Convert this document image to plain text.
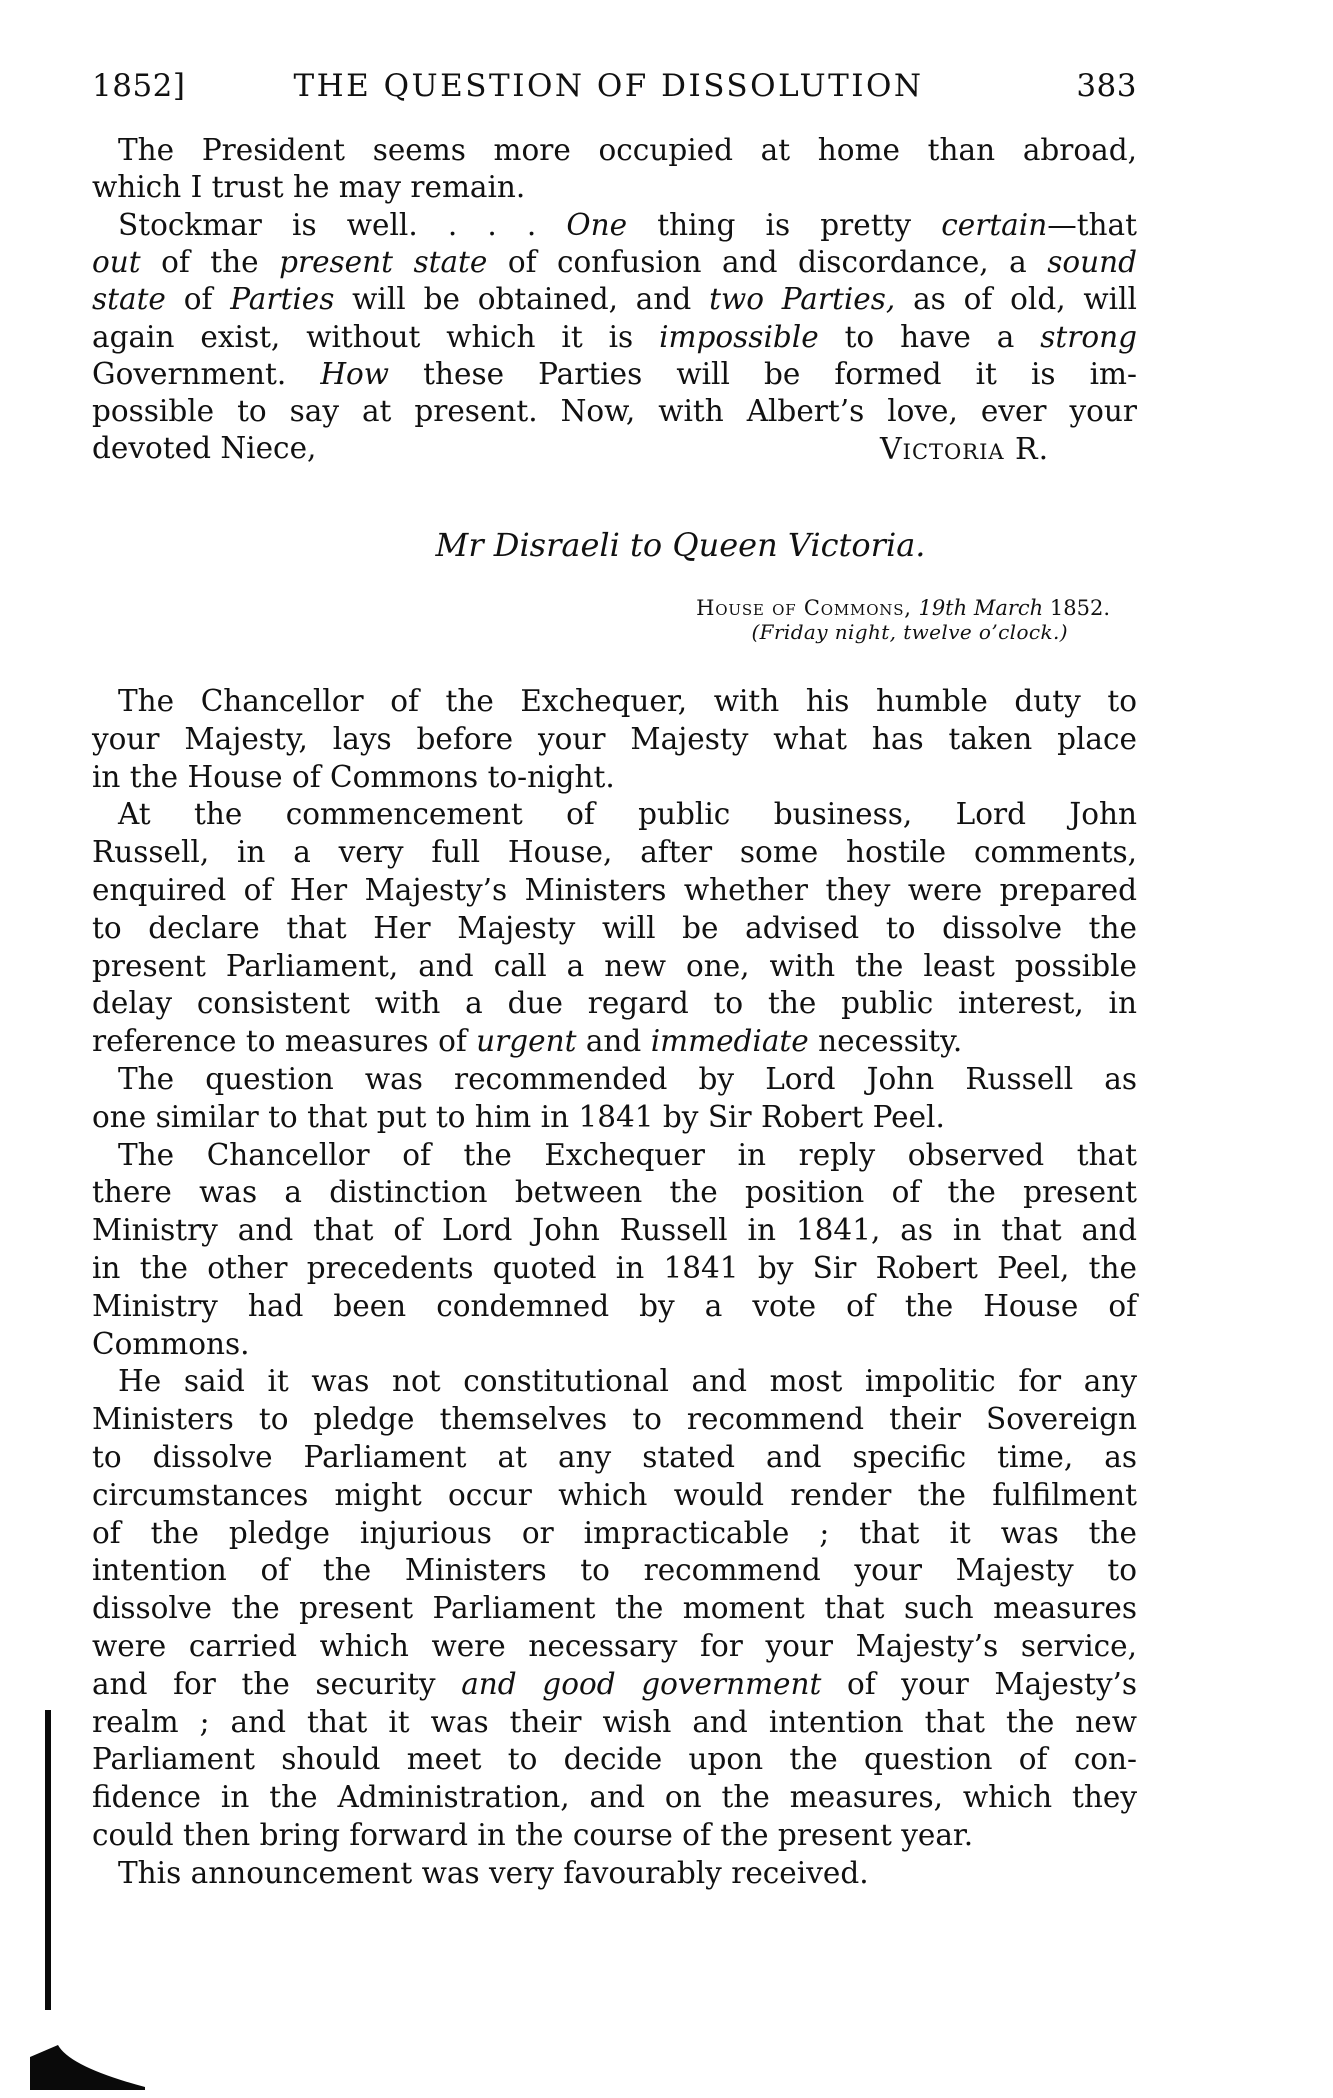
1852]	THE QUESTION OF DISSOLUTION	383
The President seems more occupied at home than abroad,
which I trust he may remain.
Stockmar is well. . . . One thing is pretty certain—that
out of the present state of confusion and discordance, a sound
state of Parties will be obtained, and two Parties, as of old, will
again exist, without which it is impossible to have a strong
Government. How these Parties will be formed it is im-
possible to say at present. Now, with Albert’s love, ever your
devoted Niece,	Victoria R.
Mr Disraeli to Queen Victoria.
House of Commons, 19th March 1852.
(Friday night, twelve o’clock.)
The Chancellor of the Exchequer, with his humble duty to
your Majesty, lays before your Majesty what has taken place
in the House of Commons to-night.
At the commencement of public business, Lord John
Russell, in a very full House, after some hostile comments,
enquired of Her Majesty’s Ministers whether they were prepared
to declare that Her Majesty will be advised to dissolve the
present Parliament, and call a new one, with the least possible
delay consistent with a due regard to the public interest, in
reference to measures of urgent and immediate necessity.
The question was recommended by Lord John Russell as
one similar to that put to him in 1841 by Sir Robert Peel.
The Chancellor of the Exchequer in reply observed that
there was a distinction between the position of the present
Ministry and that of Lord John Russell in 1841, as in that and
in the other precedents quoted in 1841 by Sir Robert Peel, the
Ministry had been condemned by a vote of the House of
Commons.
He said it was not constitutional and most impolitic for any
Ministers to pledge themselves to recommend their Sovereign
to dissolve Parliament at any stated and specific time, as
circumstances might occur which would render the fulfilment
of the pledge injurious or impracticable ; that it was the
intention of the Ministers to recommend your Majesty to
dissolve the present Parliament the moment that such measures
were carried which were necessary for your Majesty’s service,
and for the security and good government of your Majesty’s
realm ; and that it was their wish and intention that the new
Parliament should meet to decide upon the question of con-
fidence in the Administration, and on the measures, which they
could then bring forward in the course of the present year.
This announcement was very favourably received.
